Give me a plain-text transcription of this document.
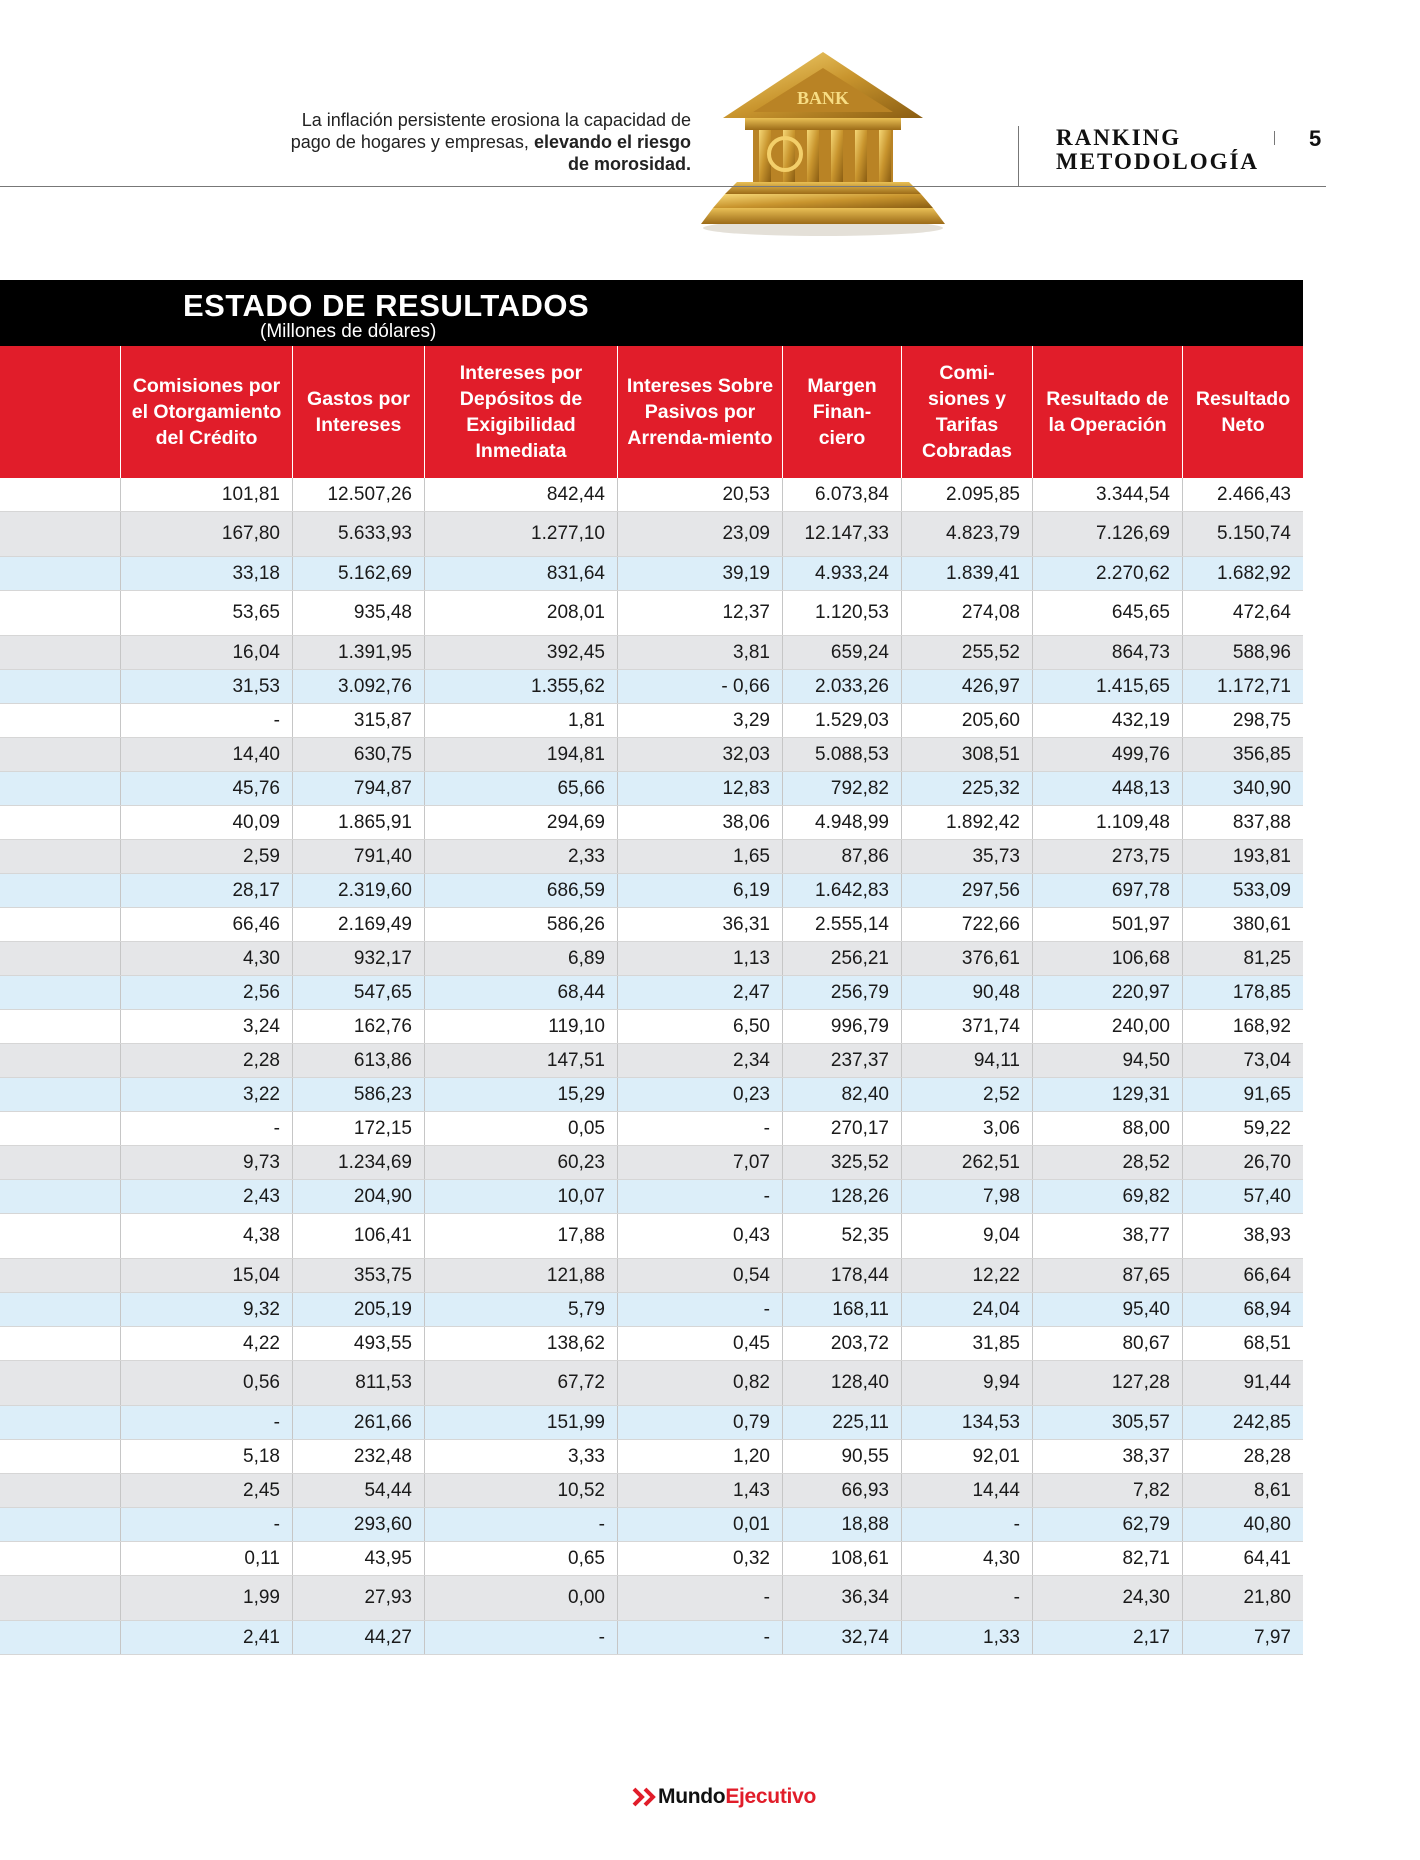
La inflación persistente erosiona la capacidad de pago de hogares y empresas, elevando el riesgo de morosidad.
BANK
RANKING
METODOLOGÍA
5
ESTADO DE RESULTADOS
(Millones de dólares)
Comisiones por el Otorgamiento del Crédito
Gastos por Intereses
Intereses por Depósitos de Exigibilidad Inmediata
Intereses Sobre Pasivos por Arrenda-miento
Margen Finan-ciero
Comi-siones y Tarifas Cobradas
Resultado de la Operación
Resultado Neto
101,81	12.507,26	842,44	20,53	6.073,84	2.095,85	3.344,54	2.466,43
167,80	5.633,93	1.277,10	23,09	12.147,33	4.823,79	7.126,69	5.150,74
33,18	5.162,69	831,64	39,19	4.933,24	1.839,41	2.270,62	1.682,92
53,65	935,48	208,01	12,37	1.120,53	274,08	645,65	472,64
16,04	1.391,95	392,45	3,81	659,24	255,52	864,73	588,96
31,53	3.092,76	1.355,62	- 0,66	2.033,26	426,97	1.415,65	1.172,71
-	315,87	1,81	3,29	1.529,03	205,60	432,19	298,75
14,40	630,75	194,81	32,03	5.088,53	308,51	499,76	356,85
45,76	794,87	65,66	12,83	792,82	225,32	448,13	340,90
40,09	1.865,91	294,69	38,06	4.948,99	1.892,42	1.109,48	837,88
2,59	791,40	2,33	1,65	87,86	35,73	273,75	193,81
28,17	2.319,60	686,59	6,19	1.642,83	297,56	697,78	533,09
66,46	2.169,49	586,26	36,31	2.555,14	722,66	501,97	380,61
4,30	932,17	6,89	1,13	256,21	376,61	106,68	81,25
2,56	547,65	68,44	2,47	256,79	90,48	220,97	178,85
3,24	162,76	119,10	6,50	996,79	371,74	240,00	168,92
2,28	613,86	147,51	2,34	237,37	94,11	94,50	73,04
3,22	586,23	15,29	0,23	82,40	2,52	129,31	91,65
-	172,15	0,05	-	270,17	3,06	88,00	59,22
9,73	1.234,69	60,23	7,07	325,52	262,51	28,52	26,70
2,43	204,90	10,07	-	128,26	7,98	69,82	57,40
4,38	106,41	17,88	0,43	52,35	9,04	38,77	38,93
15,04	353,75	121,88	0,54	178,44	12,22	87,65	66,64
9,32	205,19	5,79	-	168,11	24,04	95,40	68,94
4,22	493,55	138,62	0,45	203,72	31,85	80,67	68,51
0,56	811,53	67,72	0,82	128,40	9,94	127,28	91,44
-	261,66	151,99	0,79	225,11	134,53	305,57	242,85
5,18	232,48	3,33	1,20	90,55	92,01	38,37	28,28
2,45	54,44	10,52	1,43	66,93	14,44	7,82	8,61
-	293,60	-	0,01	18,88	-	62,79	40,80
0,11	43,95	0,65	0,32	108,61	4,30	82,71	64,41
1,99	27,93	0,00	-	36,34	-	24,30	21,80
2,41	44,27	-	-	32,74	1,33	2,17	7,97
MundoEjecutivo
